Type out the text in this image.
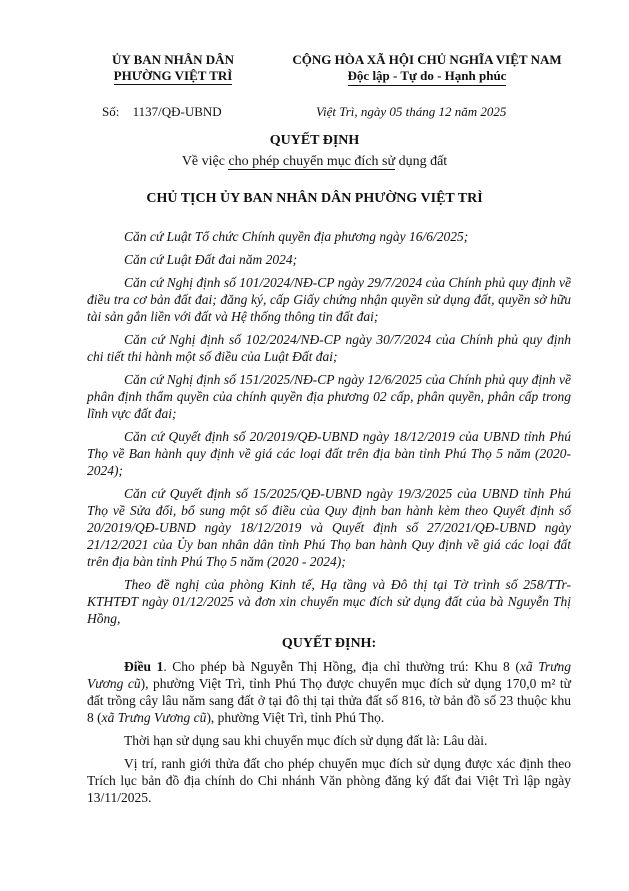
ỦY BAN NHÂN DÂN
PHƯỜNG VIỆT TRÌ
CỘNG HÒA XÃ HỘI CHỦ NGHĨA VIỆT NAM
Độc lập - Tự do - Hạnh phúc
Số: 1137/QĐ-UBND	Việt Trì, ngày 05 tháng 12 năm 2025
QUYẾT ĐỊNH
Về việc cho phép chuyển mục đích sử dụng đất
CHỦ TỊCH ỦY BAN NHÂN DÂN PHƯỜNG VIỆT TRÌ

Căn cứ Luật Tổ chức Chính quyền địa phương ngày 16/6/2025;

Căn cứ Luật Đất đai năm 2024;

Căn cứ Nghị định số 101/2024/NĐ-CP ngày 29/7/2024 của Chính phủ quy định về điều tra cơ bản đất đai; đăng ký, cấp Giấy chứng nhận quyền sử dụng đất, quyền sở hữu tài sản gắn liền với đất và Hệ thống thông tin đất đai;

Căn cứ Nghị định số 102/2024/NĐ-CP ngày 30/7/2024 của Chính phủ quy định chi tiết thi hành một số điều của Luật Đất đai;

Căn cứ Nghị định số 151/2025/NĐ-CP ngày 12/6/2025 của Chính phủ quy định về phân định thẩm quyền của chính quyền địa phương 02 cấp, phân quyền, phân cấp trong lĩnh vực đất đai;

Căn cứ Quyết định số 20/2019/QĐ-UBND ngày 18/12/2019 của UBND tỉnh Phú Thọ về Ban hành quy định về giá các loại đất trên địa bàn tỉnh Phú Thọ 5 năm (2020-2024);

Căn cứ Quyết định số 15/2025/QĐ-UBND ngày 19/3/2025 của UBND tỉnh Phú Thọ về Sửa đổi, bổ sung một số điều của Quy định ban hành kèm theo Quyết định số 20/2019/QĐ-UBND ngày 18/12/2019 và Quyết định số 27/2021/QĐ-UBND ngày 21/12/2021 của Ủy ban nhân dân tỉnh Phú Thọ ban hành Quy định về giá các loại đất trên địa bàn tỉnh Phú Thọ 5 năm (2020 - 2024);

Theo đề nghị của phòng Kinh tế, Hạ tầng và Đô thị tại Tờ trình số 258/TTr-KTHTĐT ngày 01/12/2025 và đơn xin chuyển mục đích sử dụng đất của bà Nguyễn Thị Hồng,

QUYẾT ĐỊNH:

Điều 1. Cho phép bà Nguyễn Thị Hồng, địa chỉ thường trú: Khu 8 (xã Trưng Vương cũ), phường Việt Trì, tỉnh Phú Thọ được chuyển mục đích sử dụng 170,0 m² từ đất trồng cây lâu năm sang đất ở tại đô thị tại thửa đất số 816, tờ bản đồ số 23 thuộc khu 8 (xã Trưng Vương cũ), phường Việt Trì, tỉnh Phú Thọ.

Thời hạn sử dụng sau khi chuyển mục đích sử dụng đất là: Lâu dài.

Vị trí, ranh giới thửa đất cho phép chuyển mục đích sử dụng được xác định theo Trích lục bản đồ địa chính do Chi nhánh Văn phòng đăng ký đất đai Việt Trì lập ngày 13/11/2025.
